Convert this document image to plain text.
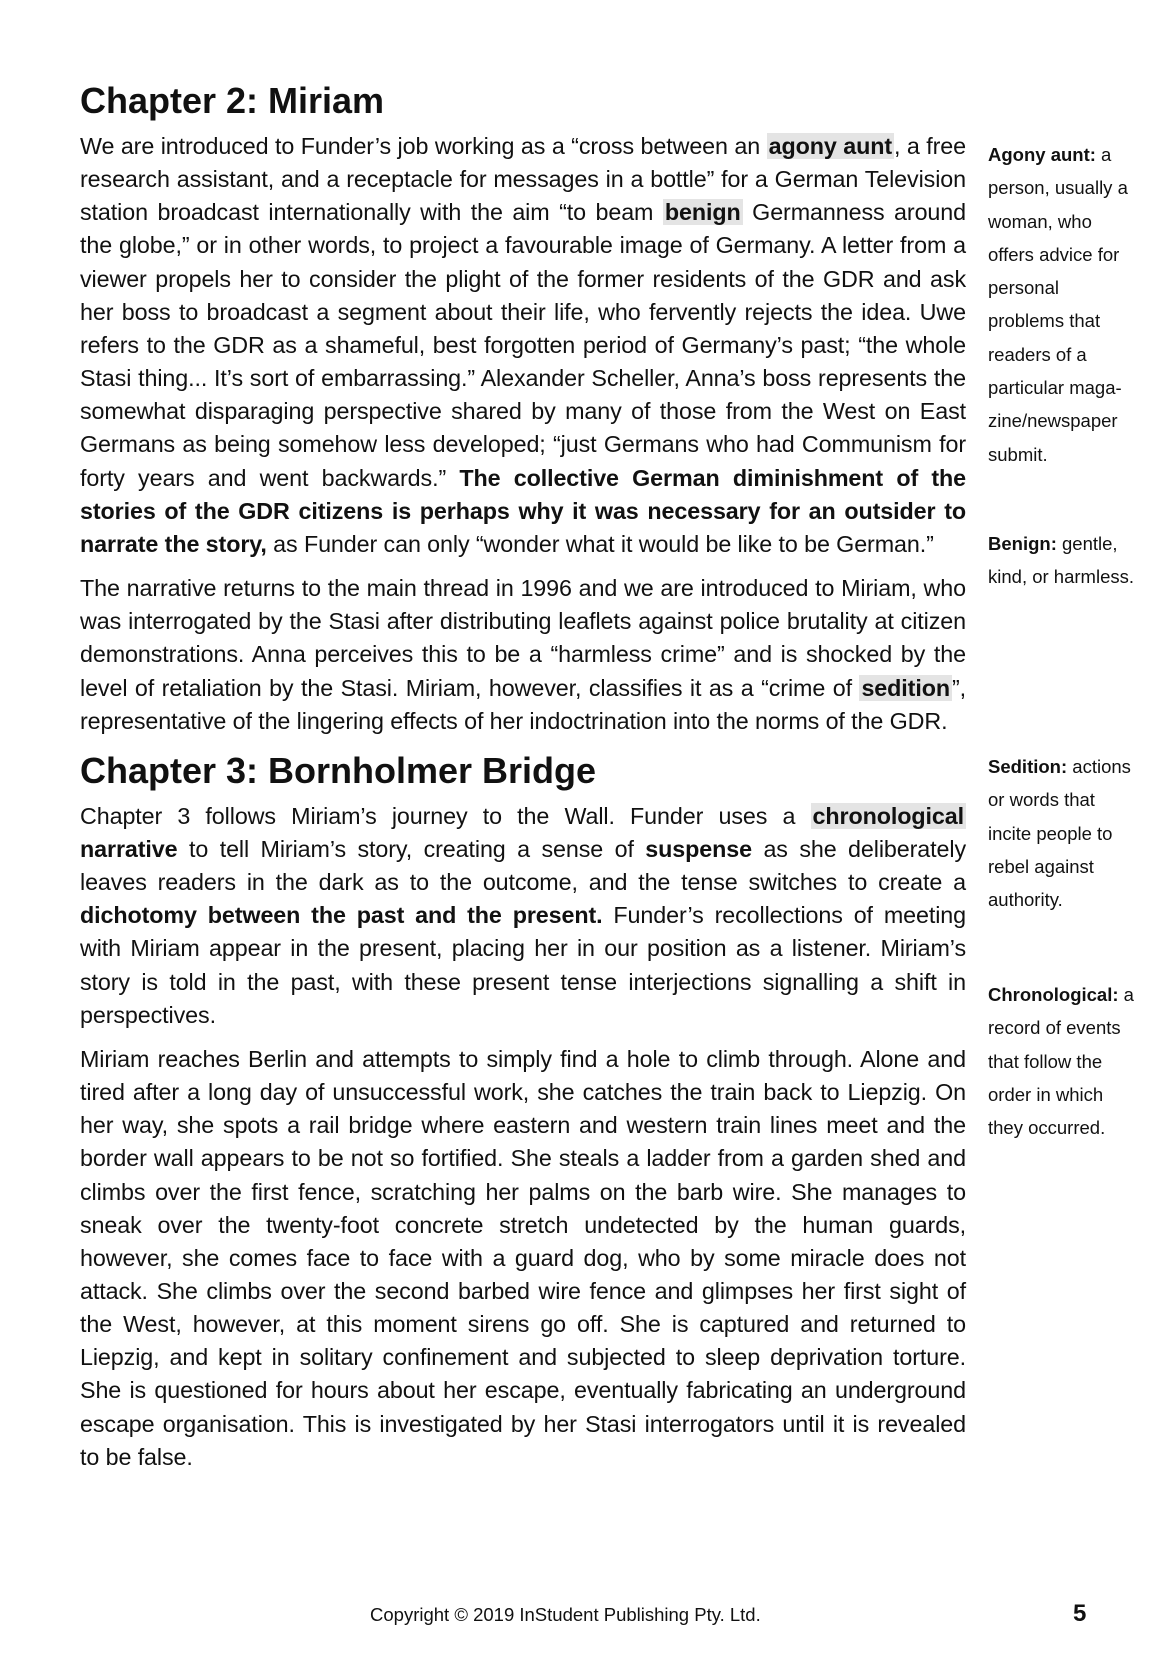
Chapter 2: Miriam

We are introduced to Funder’s job working as a “cross between an agony aunt, a free research assistant, and a receptacle for messages in a bottle” for a German Television station broadcast internationally with the aim “to beam benign Germanness around the globe,” or in other words, to project a favourable image of Germany. A letter from a viewer propels her to consider the plight of the former residents of the GDR and ask her boss to broadcast a segment about their life, who fervently rejects the idea. Uwe refers to the GDR as a shameful, best forgotten period of Germany’s past; “the whole Stasi thing... It’s sort of embarrassing.” Alexander Scheller, Anna’s boss represents the somewhat disparaging perspective shared by many of those from the West on East Germans as being somehow less developed; “just Germans who had Communism for forty years and went backwards.” The collective German diminishment of the stories of the GDR citizens is perhaps why it was necessary for an outsider to narrate the story, as Funder can only “wonder what it would be like to be German.”

The narrative returns to the main thread in 1996 and we are introduced to Miriam, who was interrogated by the Stasi after distributing leaflets against police brutality at citizen demonstrations. Anna perceives this to be a “harmless crime” and is shocked by the level of retaliation by the Stasi. Miriam, however, classifies it as a “crime of sedition”, representative of the lingering effects of her indoctrination into the norms of the GDR.

Chapter 3: Bornholmer Bridge

Chapter 3 follows Miriam’s journey to the Wall. Funder uses a chronological narrative to tell Miriam’s story, creating a sense of suspense as she deliberately leaves readers in the dark as to the outcome, and the tense switches to create a dichotomy between the past and the present. Funder’s recollections of meeting with Miriam appear in the present, placing her in our position as a listener. Miriam’s story is told in the past, with these present tense interjections signalling a shift in perspectives.

Miriam reaches Berlin and attempts to simply find a hole to climb through. Alone and tired after a long day of unsuccessful work, she catches the train back to Liepzig. On her way, she spots a rail bridge where eastern and western train lines meet and the border wall appears to be not so fortified. She steals a ladder from a garden shed and climbs over the first fence, scratching her palms on the barb wire. She manages to sneak over the twenty-foot concrete stretch undetected by the human guards, however, she comes face to face with a guard dog, who by some miracle does not attack. She climbs over the second barbed wire fence and glimpses her first sight of the West, however, at this moment sirens go off. She is captured and returned to Liepzig, and kept in solitary confinement and subjected to sleep deprivation torture. She is questioned for hours about her escape, eventually fabricating an underground escape organisation. This is investigated by her Stasi interrogators until it is revealed to be false.

Agony aunt: a person, usually a woman, who offers advice for personal problems that readers of a particular maga-zine/newspaper submit.
Benign: gentle, kind, or harmless.
Sedition: actions or words that incite people to rebel against authority.
Chronological: a record of events that follow the order in which they occurred.
Copyright © 2019 InStudent Publishing Pty. Ltd.	5
